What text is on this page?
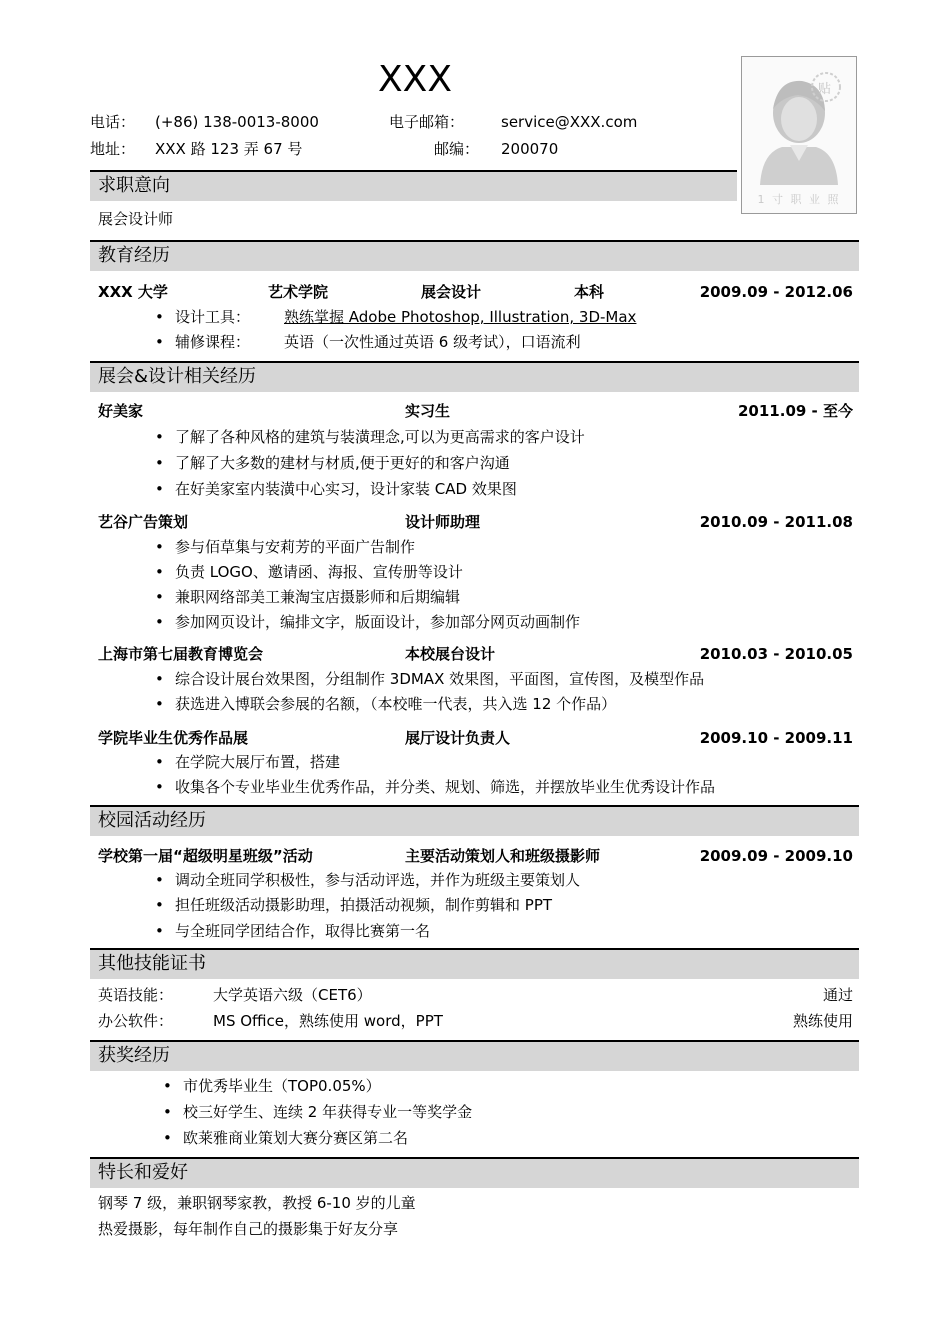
XXX
电话： (+86) 138-0013-8000	电子邮箱： service@XXX.com
地址： XXX 路 123 弄 67 号	邮编： 200070
贴
1 寸 职 业 照
求职意向
展会设计师
教育经历
XXX 大学	艺术学院	展会设计	本科	2009.09 - 2012.06
• 设计工具： 熟练掌握 Adobe Photoshop, Illustration, 3D-Max
• 辅修课程： 英语（一次性通过英语 6 级考试），口语流利
展会&设计相关经历
好美家	实习生	2011.09 - 至今
• 了解了各种风格的建筑与装潢理念,可以为更高需求的客户设计
• 了解了大多数的建材与材质,便于更好的和客户沟通
• 在好美家室内装潢中心实习，设计家装 CAD 效果图
艺谷广告策划	设计师助理	2010.09 - 2011.08
• 参与佰草集与安莉芳的平面广告制作
• 负责 LOGO、邀请函、海报、宣传册等设计
• 兼职网络部美工兼淘宝店摄影师和后期编辑
• 参加网页设计，编排文字，版面设计，参加部分网页动画制作
上海市第七届教育博览会	本校展台设计	2010.03 - 2010.05
• 综合设计展台效果图，分组制作 3DMAX 效果图，平面图，宣传图，及模型作品
• 获选进入博联会参展的名额，（本校唯一代表，共入选 12 个作品）
学院毕业生优秀作品展	展厅设计负责人	2009.10 - 2009.11
• 在学院大展厅布置，搭建
• 收集各个专业毕业生优秀作品，并分类、规划、筛选，并摆放毕业生优秀设计作品
校园活动经历
学校第一届“超级明星班级”活动	主要活动策划人和班级摄影师	2009.09 - 2009.10
• 调动全班同学积极性，参与活动评选，并作为班级主要策划人
• 担任班级活动摄影助理，拍摄活动视频，制作剪辑和 PPT
• 与全班同学团结合作，取得比赛第一名
其他技能证书
英语技能：	大学英语六级（CET6）	通过
办公软件：	MS Office，熟练使用 word，PPT	熟练使用
获奖经历
• 市优秀毕业生（TOP0.05%）
• 校三好学生、连续 2 年获得专业一等奖学金
• 欧莱雅商业策划大赛分赛区第二名
特长和爱好
钢琴 7 级，兼职钢琴家教，教授 6-10 岁的儿童
热爱摄影，每年制作自己的摄影集于好友分享
